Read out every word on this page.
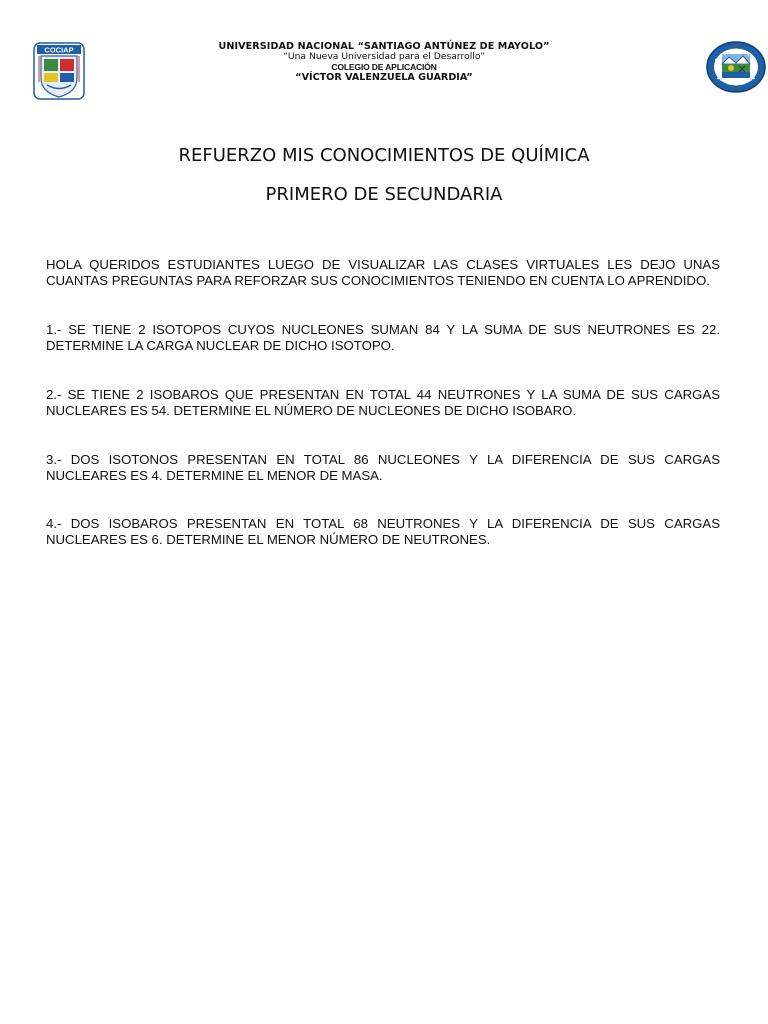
COCIAP	UNIVERSIDAD NACIONAL “SANTIAGO ANTÚNEZ DE MAYOLO”
“Una Nueva Universidad para el Desarrollo”
COLEGIO DE APLICACIÓN
“VÍCTOR VALENZUELA GUARDIA”
REFUERZO MIS CONOCIMIENTOS DE QUÍMICA
PRIMERO DE SECUNDARIA

HOLA QUERIDOS ESTUDIANTES LUEGO DE VISUALIZAR LAS CLASES VIRTUALES LES DEJO UNAS CUANTAS PREGUNTAS PARA REFORZAR SUS CONOCIMIENTOS TENIENDO EN CUENTA LO APRENDIDO.

1.- SE TIENE 2 ISOTOPOS CUYOS NUCLEONES SUMAN 84 Y LA SUMA DE SUS NEUTRONES ES 22. DETERMINE LA CARGA NUCLEAR DE DICHO ISOTOPO.

2.- SE TIENE 2 ISOBAROS QUE PRESENTAN EN TOTAL 44 NEUTRONES Y LA SUMA DE SUS CARGAS NUCLEARES ES 54. DETERMINE EL NÚMERO DE NUCLEONES DE DICHO ISOBARO.

3.- DOS ISOTONOS PRESENTAN EN TOTAL 86 NUCLEONES Y LA DIFERENCIA DE SUS CARGAS NUCLEARES ES 4. DETERMINE EL MENOR DE MASA.

4.- DOS ISOBAROS PRESENTAN EN TOTAL 68 NEUTRONES Y LA DIFERENCIA DE SUS CARGAS NUCLEARES ES 6. DETERMINE EL MENOR NÚMERO DE NEUTRONES.
